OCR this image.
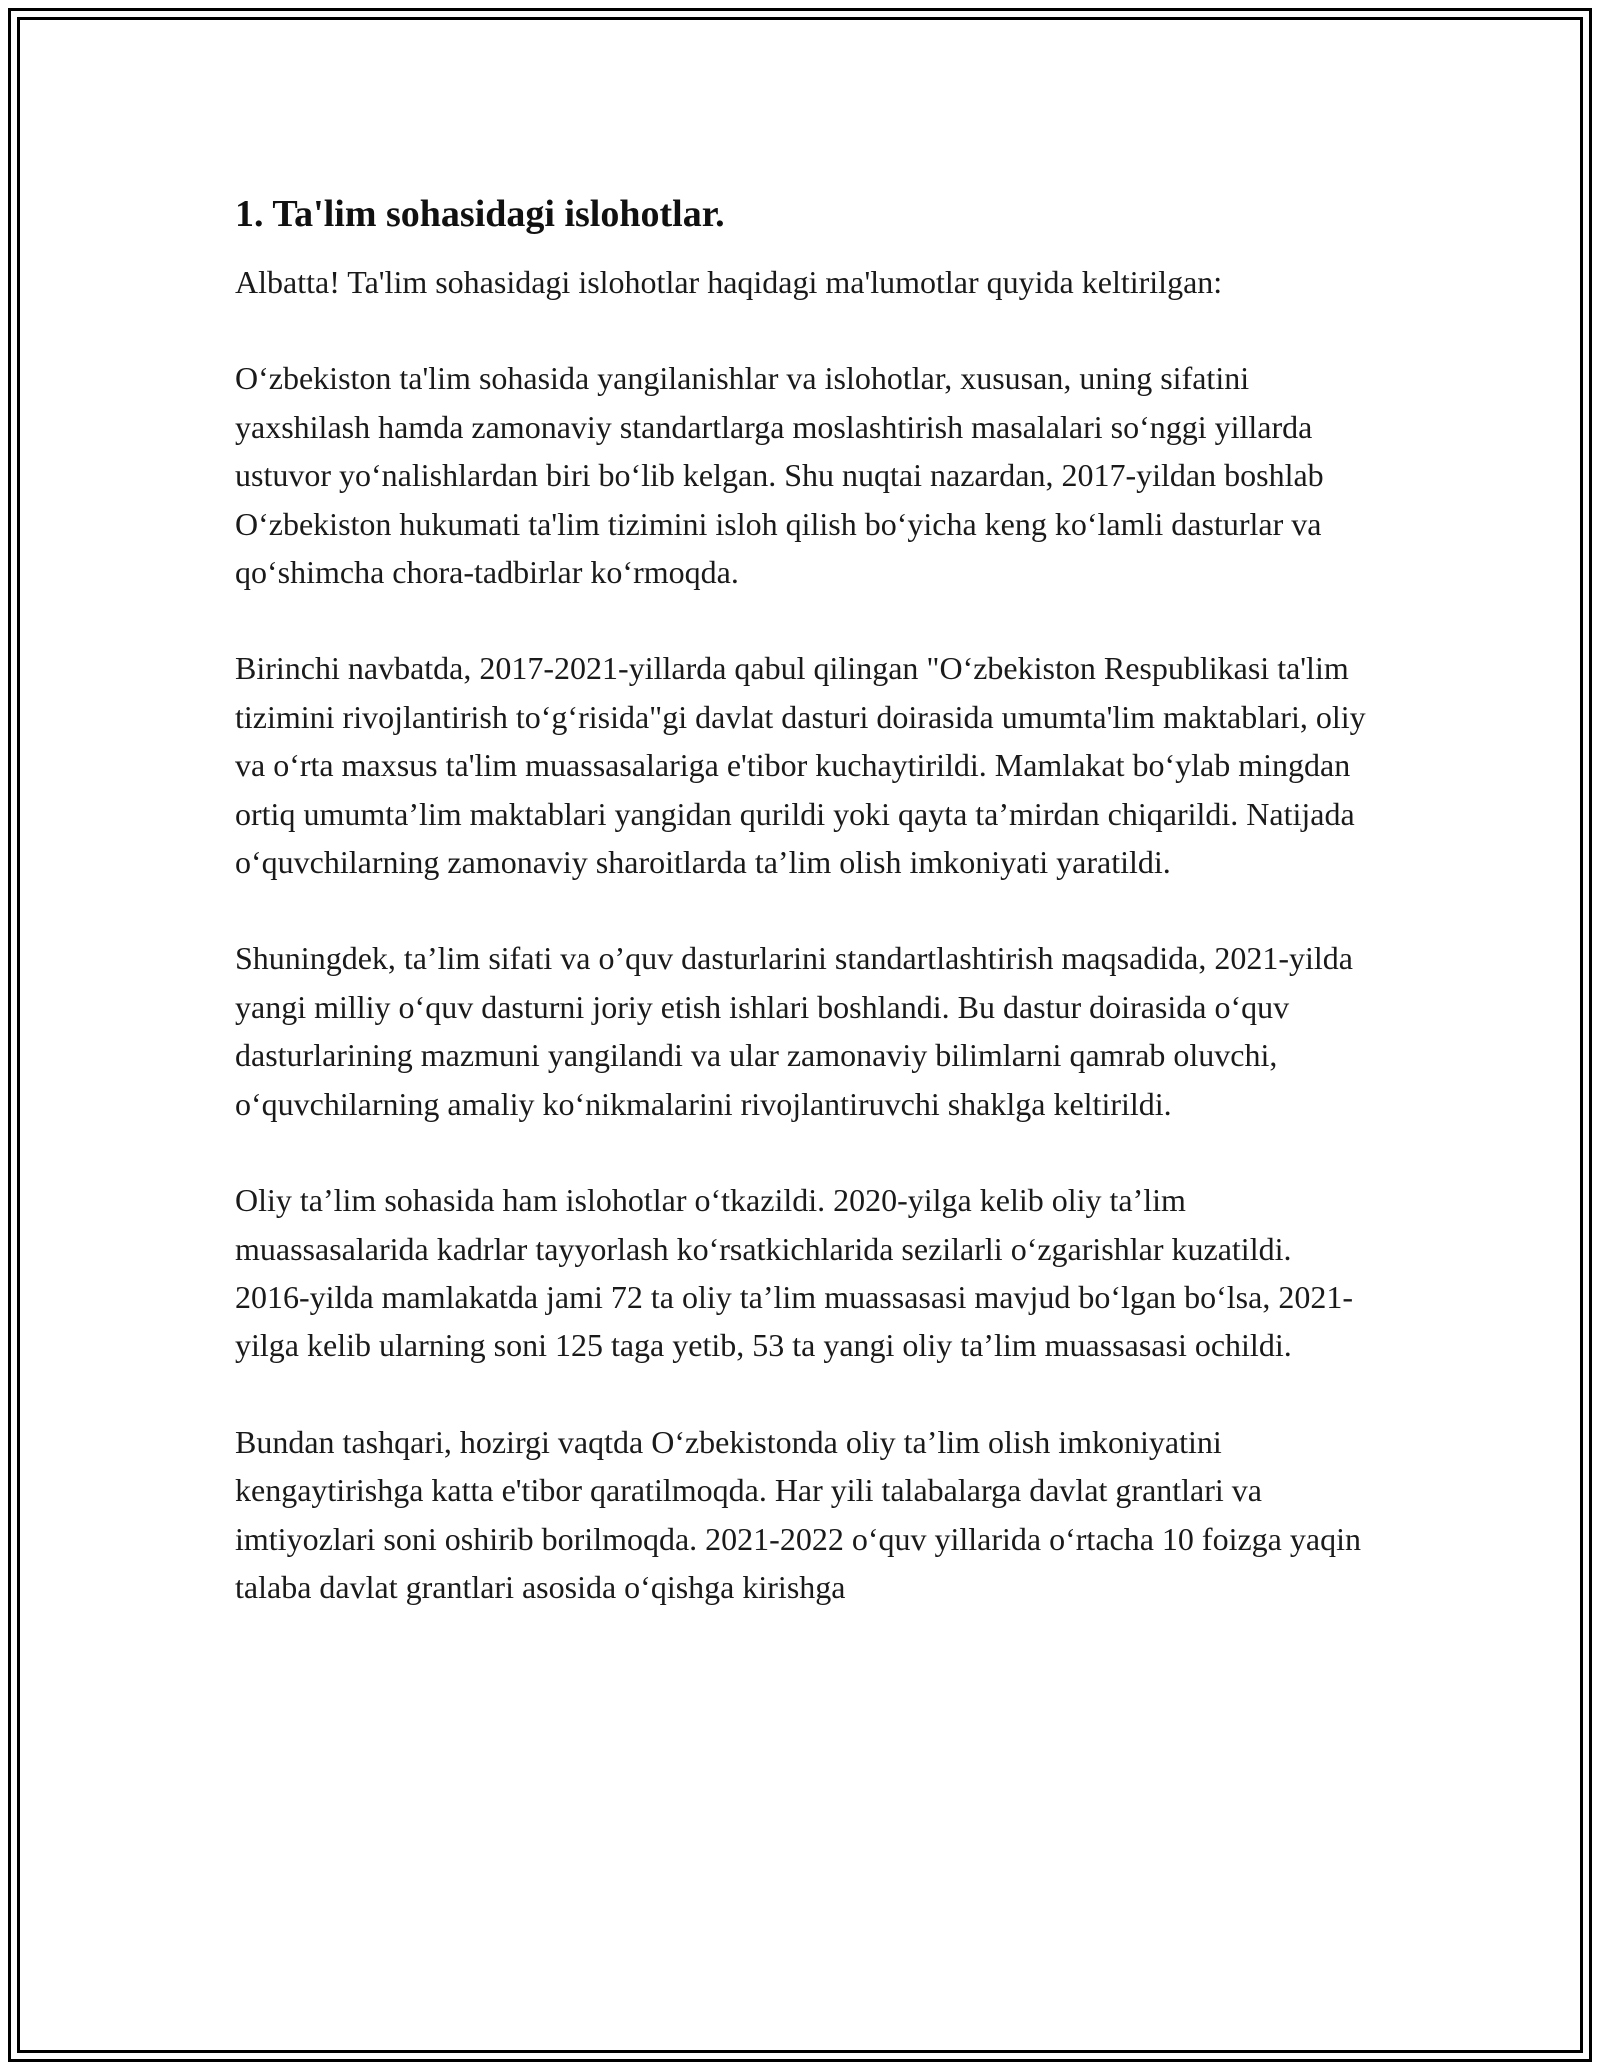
1. Ta'lim sohasidagi islohotlar.

Albatta! Ta'lim sohasidagi islohotlar haqidagi ma'lumotlar quyida keltirilgan:

O‘zbekiston ta'lim sohasida yangilanishlar va islohotlar, xususan, uning sifatini yaxshilash hamda zamonaviy standartlarga moslashtirish masalalari so‘nggi yillarda ustuvor yo‘nalishlardan biri bo‘lib kelgan. Shu nuqtai nazardan, 2017-yildan boshlab O‘zbekiston hukumati ta'lim tizimini isloh qilish bo‘yicha keng ko‘lamli dasturlar va qo‘shimcha chora-tadbirlar ko‘rmoqda.

Birinchi navbatda, 2017-2021-yillarda qabul qilingan "O‘zbekiston Respublikasi ta'lim tizimini rivojlantirish to‘g‘risida"gi davlat dasturi doirasida umumta'lim maktablari, oliy va o‘rta maxsus ta'lim muassasalariga e'tibor kuchaytirildi. Mamlakat bo‘ylab mingdan ortiq umumta’lim maktablari yangidan qurildi yoki qayta ta’mirdan chiqarildi. Natijada o‘quvchilarning zamonaviy sharoitlarda ta’lim olish imkoniyati yaratildi.

Shuningdek, ta’lim sifati va o’quv dasturlarini standartlashtirish maqsadida, 2021-yilda yangi milliy o‘quv dasturni joriy etish ishlari boshlandi. Bu dastur doirasida o‘quv dasturlarining mazmuni yangilandi va ular zamonaviy bilimlarni qamrab oluvchi, o‘quvchilarning amaliy ko‘nikmalarini rivojlantiruvchi shaklga keltirildi.

Oliy ta’lim sohasida ham islohotlar o‘tkazildi. 2020-yilga kelib oliy ta’lim muassasalarida kadrlar tayyorlash ko‘rsatkichlarida sezilarli o‘zgarishlar kuzatildi. 2016-yilda mamlakatda jami 72 ta oliy ta’lim muassasasi mavjud bo‘lgan bo‘lsa, 2021-yilga kelib ularning soni 125 taga yetib, 53 ta yangi oliy ta’lim muassasasi ochildi.

Bundan tashqari, hozirgi vaqtda O‘zbekistonda oliy ta’lim olish imkoniyatini kengaytirishga katta e'tibor qaratilmoqda. Har yili talabalarga davlat grantlari va imtiyozlari soni oshirib borilmoqda. 2021-2022 o‘quv yillarida o‘rtacha 10 foizga yaqin talaba davlat grantlari asosida o‘qishga kirishga
